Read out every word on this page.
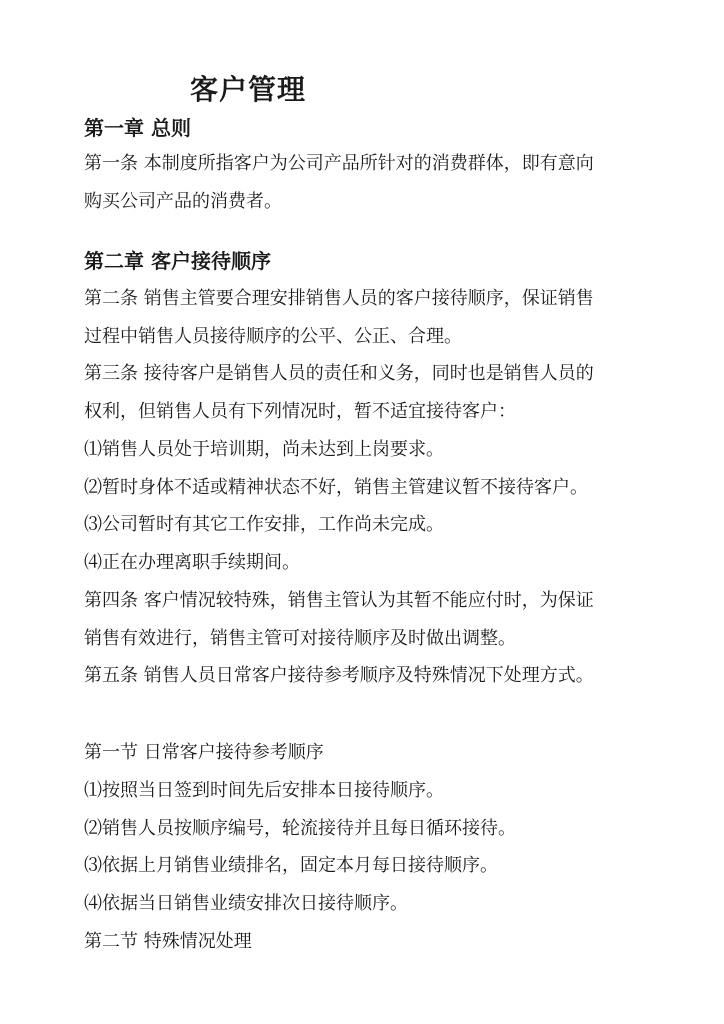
客户管理
第一章 总则
第一条 本制度所指客户为公司产品所针对的消费群体，即有意向
购买公司产品的消费者。
第二章 客户接待顺序
第二条 销售主管要合理安排销售人员的客户接待顺序，保证销售
过程中销售人员接待顺序的公平、公正、合理。
第三条 接待客户是销售人员的责任和义务，同时也是销售人员的
权利，但销售人员有下列情况时，暂不适宜接待客户：
⑴销售人员处于培训期，尚未达到上岗要求。
⑵暂时身体不适或精神状态不好，销售主管建议暂不接待客户。
⑶公司暂时有其它工作安排，工作尚未完成。
⑷正在办理离职手续期间。
第四条 客户情况较特殊，销售主管认为其暂不能应付时，为保证
销售有效进行，销售主管可对接待顺序及时做出调整。
第五条 销售人员日常客户接待参考顺序及特殊情况下处理方式。
第一节 日常客户接待参考顺序
⑴按照当日签到时间先后安排本日接待顺序。
⑵销售人员按顺序编号，轮流接待并且每日循环接待。
⑶依据上月销售业绩排名，固定本月每日接待顺序。
⑷依据当日销售业绩安排次日接待顺序。
第二节 特殊情况处理
